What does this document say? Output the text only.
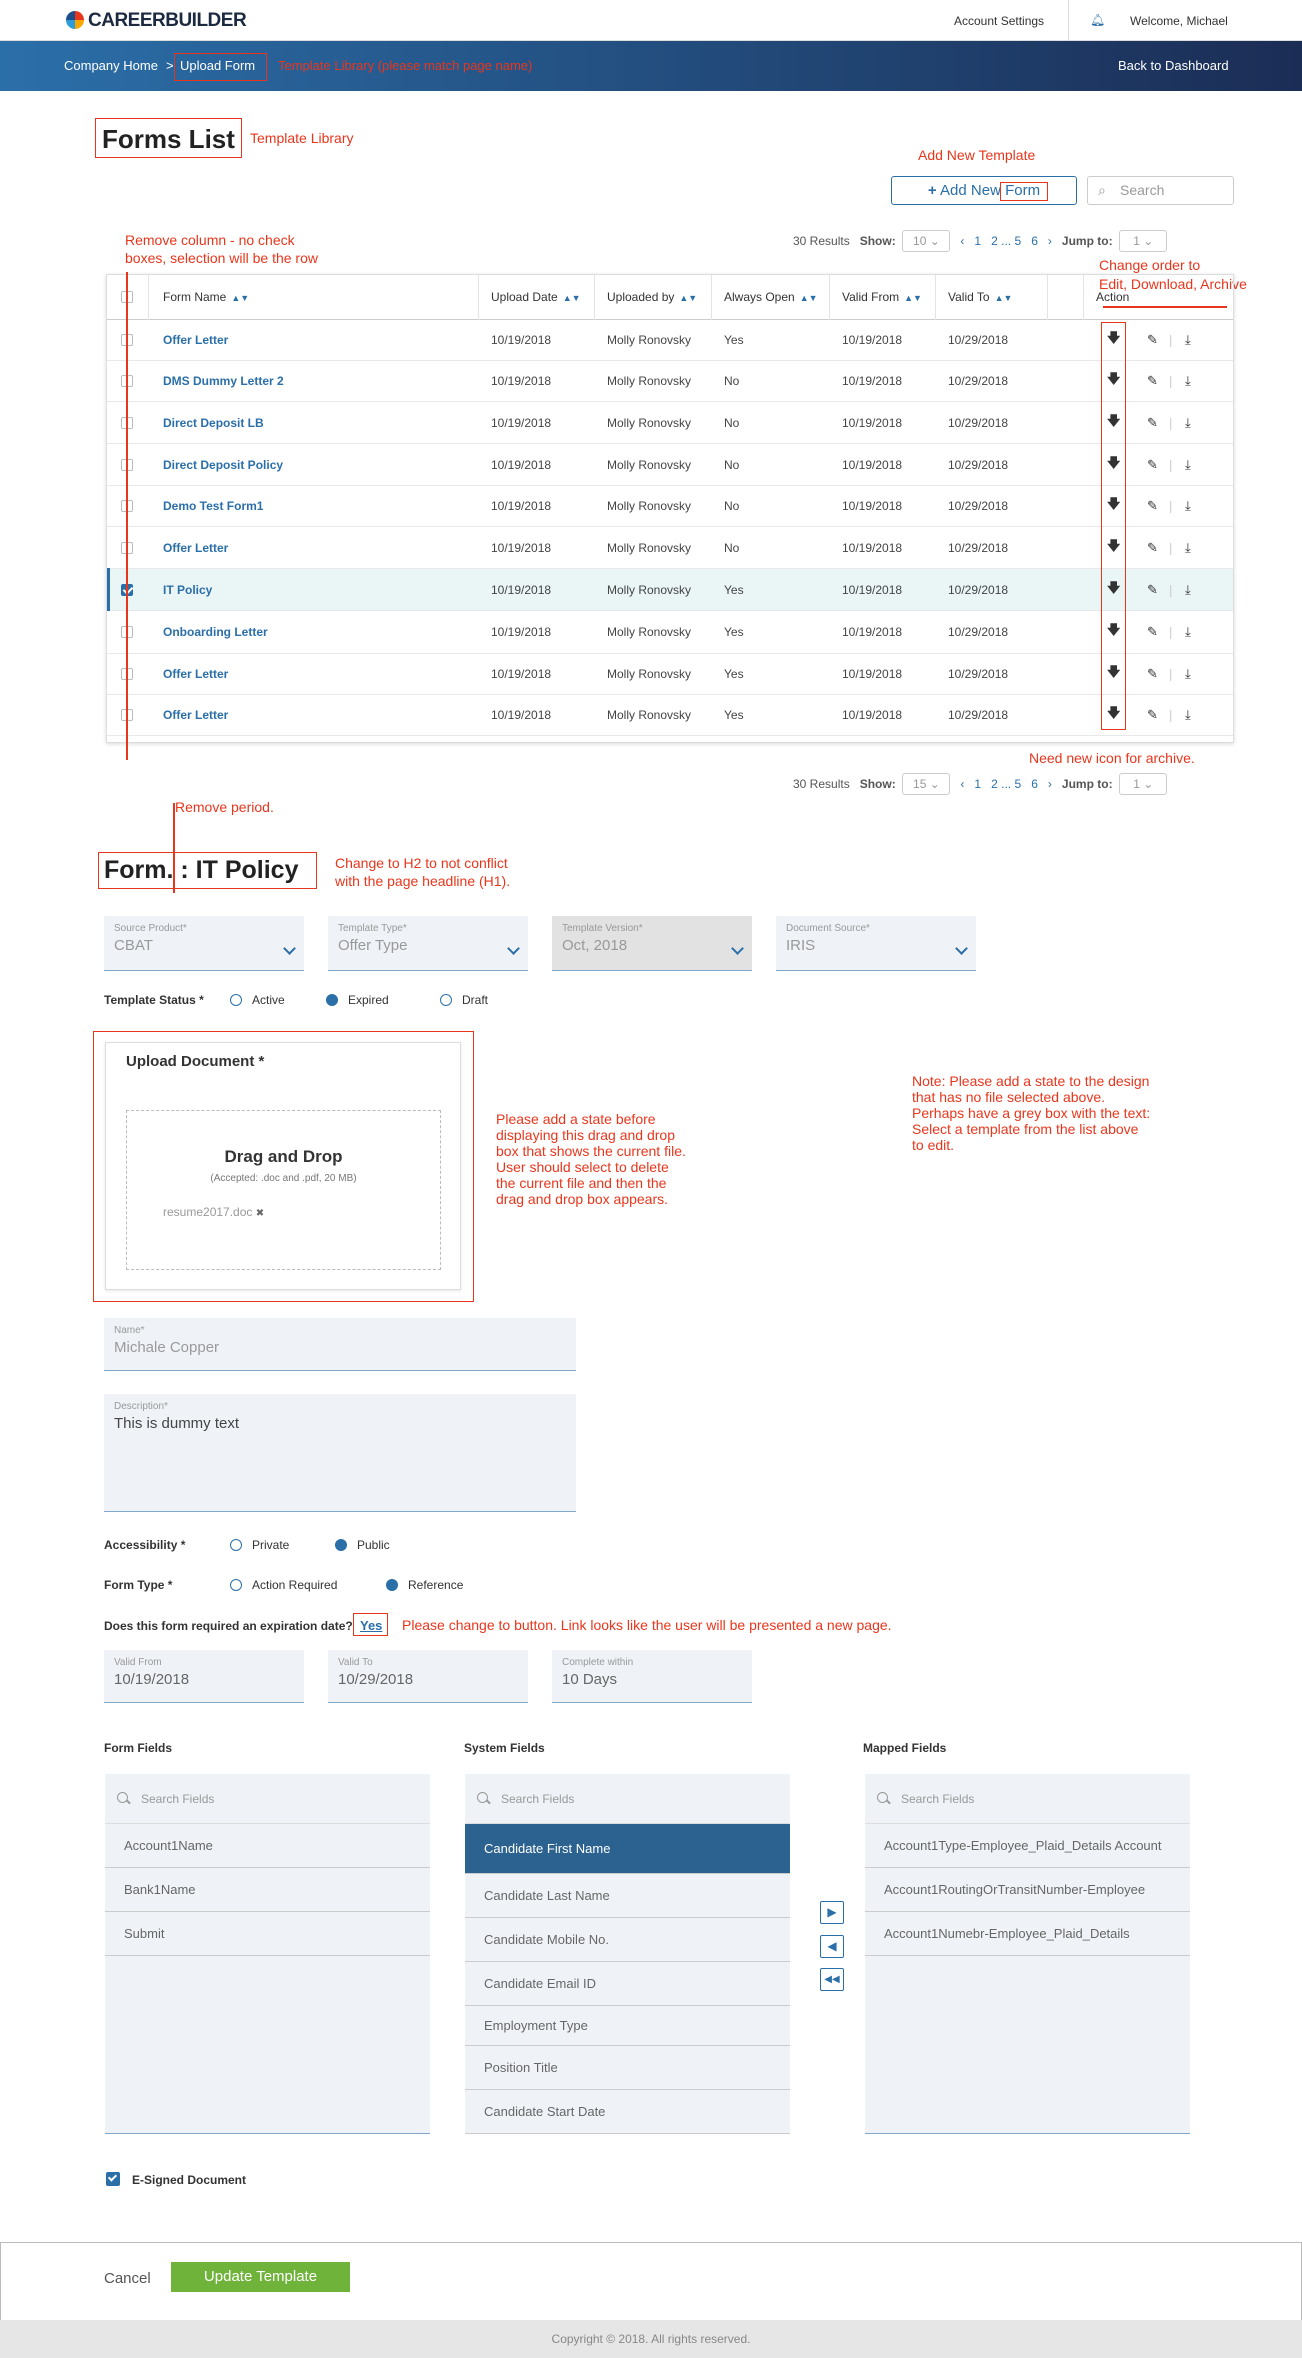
CAREERBUILDER	Account Settings	🔔︎ Welcome, Michael
Company Home > Upload Form Template Library (please match page name)	Back to Dashboard
Forms List Template Library
Add New Template
+ Add New Form	⌕ Search
Remove column - no check
boxes, selection will be the row	Change order to
Edit, Download, Archive
30 Results Show: 10 ⌄ ‹ 1 2 ... 5 6 › Jump to: 1 ⌄
Form Name ▲▼	Upload Date ▲▼	Uploaded by ▲▼	Always Open ▲▼	Valid From ▲▼	Valid To ▲▼	Action
Offer Letter	10/19/2018	Molly Ronovsky	Yes	10/19/2018	10/29/2018	🡇 ✎ ⤓
|
DMS Dummy Letter 2	10/19/2018	Molly Ronovsky	No	10/19/2018	10/29/2018	🡇 ✎ ⤓
|
Direct Deposit LB	10/19/2018	Molly Ronovsky	No	10/19/2018	10/29/2018	🡇 ✎ ⤓
|
Direct Deposit Policy	10/19/2018	Molly Ronovsky	No	10/19/2018	10/29/2018	🡇 ✎ ⤓
|
Demo Test Form1	10/19/2018	Molly Ronovsky	No	10/19/2018	10/29/2018	🡇 ✎ ⤓
|
Offer Letter	10/19/2018	Molly Ronovsky	No	10/19/2018	10/29/2018	🡇 ✎ ⤓
|
IT Policy	10/19/2018	Molly Ronovsky	Yes	10/19/2018	10/29/2018	🡇 ✎ ⤓
|
Onboarding Letter	10/19/2018	Molly Ronovsky	Yes	10/19/2018	10/29/2018	🡇 ✎ ⤓
|
Offer Letter	10/19/2018	Molly Ronovsky	Yes	10/19/2018	10/29/2018	🡇 ✎ ⤓
|
Offer Letter	10/19/2018	Molly Ronovsky	Yes	10/19/2018	10/29/2018	🡇 ✎ ⤓
|
Need new icon for archive.
30 Results Show: 15 ⌄ ‹ 1 2 ... 5 6 › Jump to: 1 ⌄
Remove period.
Form. : IT Policy	Change to H2 to not conflict
with the page headline (H1).
Source Product*
CBAT
Template Type*
Offer Type
Template Version*
Oct, 2018
Document Source*
IRIS
Template Status *	Active	Expired	Draft
Upload Document *
Drag and Drop
(Accepted: .doc and .pdf, 20 MB)
resume2017.doc ✖
Please add a state before
displaying this drag and drop
box that shows the current file.
User should select to delete
the current file and then the
drag and drop box appears.
Note: Please add a state to the design
that has no file selected above.
Perhaps have a grey box with the text:
Select a template from the list above
to edit.
Name*
Michale Copper
Description*
This is dummy text
Accessibility *	Private	Public
Form Type *	Action Required	Reference
Does this form required an expiration date? Yes Please change to button. Link looks like the user will be presented a new page.
Valid From
10/19/2018
Valid To
10/29/2018
Complete within
10 Days
Form Fields	System Fields	Mapped Fields
Search Fields
Account1Name
Bank1Name
Submit
Search Fields
Candidate First Name
Candidate Last Name
Candidate Mobile No.
Candidate Email ID
Employment Type
Position Title
Candidate Start Date
Search Fields
Account1Type-Employee_Plaid_Details Account
Account1RoutingOrTransitNumber-Employee
Account1Numebr-Employee_Plaid_Details
▶
◀
◀◀
E-Signed Document
Cancel	Update Template
Copyright © 2018. All rights reserved.
